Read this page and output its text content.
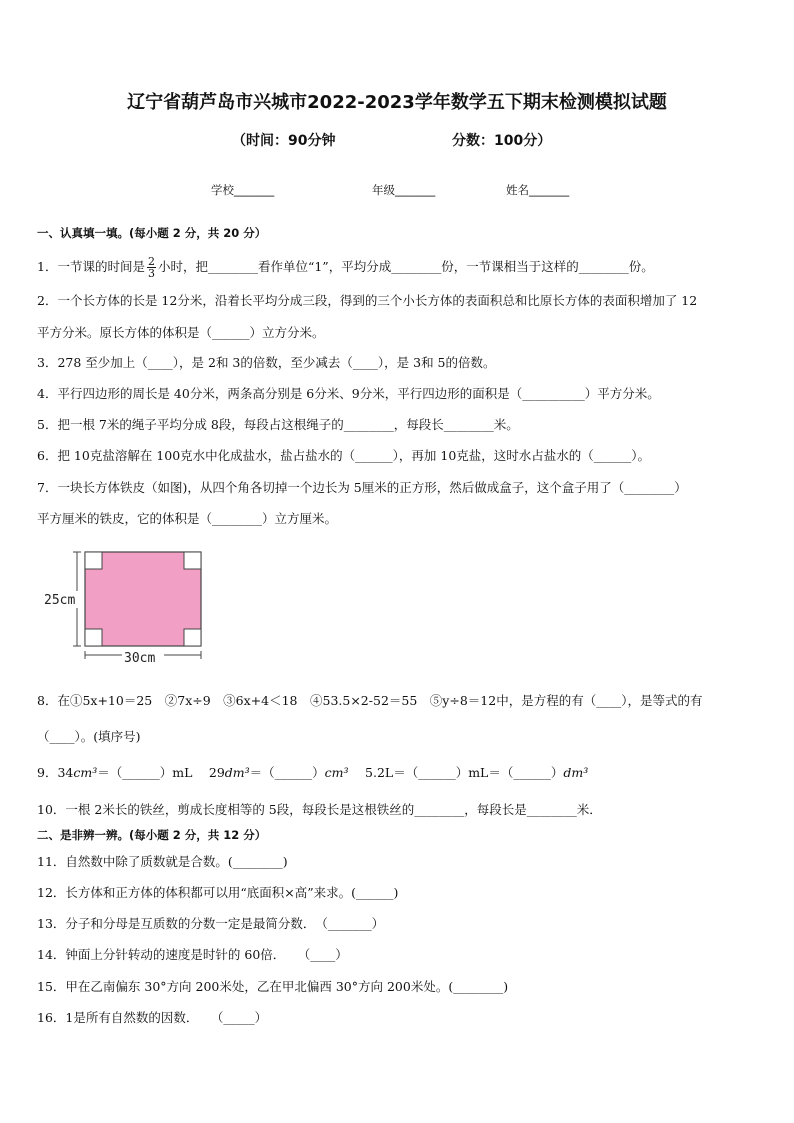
辽宁省葫芦岛市兴城市2022-2023学年数学五下期末检测模拟试题
（时间：90分钟	分数：100分）
学校_______	年级_______	姓名_______
一、认真填一填。(每小题 2 分，共 20 分）
1．一节课的时间是 $\frac{2}{3}$ 小时，把________看作单位“1”，平均分成________份，一节课相当于这样的________份。
2．一个长方体的长是 12分米，沿着长平均分成三段，得到的三个小长方体的表面积总和比原长方体的表面积增加了 12
平方分米。原长方体的体积是（______）立方分米。
3．278 至少加上（____），是 2和 3的倍数，至少减去（____），是 3和 5的倍数。
4．平行四边形的周长是 40分米，两条高分别是 6分米、9分米，平行四边形的面积是（__________）平方分米。
5．把一根 7米的绳子平均分成 8段，每段占这根绳子的________，每段长________米。
6．把 10克盐溶解在 100克水中化成盐水，盐占盐水的（______），再加 10克盐，这时水占盐水的（______）。
7．一块长方体铁皮（如图)，从四个角各切掉一个边长为 5厘米的正方形，然后做成盒子，这个盒子用了（________）
平方厘米的铁皮，它的体积是（________）立方厘米。
25cm
30cm
8．在①5x+10＝25　②7x÷9　③6x+4＜18　④53.5×2-52＝55　⑤y÷8＝12中，是方程的有（____），是等式的有
（____）。(填序号)
9．34cm³＝（______）mL　 29dm³＝（______）cm³　 5.2L＝（______）mL＝（______）dm³
10．一根 2米长的铁丝，剪成长度相等的 5段，每段长是这根铁丝的________，每段长是________米．
二、是非辨一辨。(每小题 2 分，共 12 分）
11．自然数中除了质数就是合数。(________)
12．长方体和正方体的体积都可以用“底面积×高”来求。(______)
13．分子和分母是互质数的分数一定是最简分数．　（_______）
14．钟面上分针转动的速度是时针的 60倍．　　（____）
15．甲在乙南偏东 30°方向 200米处，乙在甲北偏西 30°方向 200米处。(________)
16．1是所有自然数的因数．　　（_____）
